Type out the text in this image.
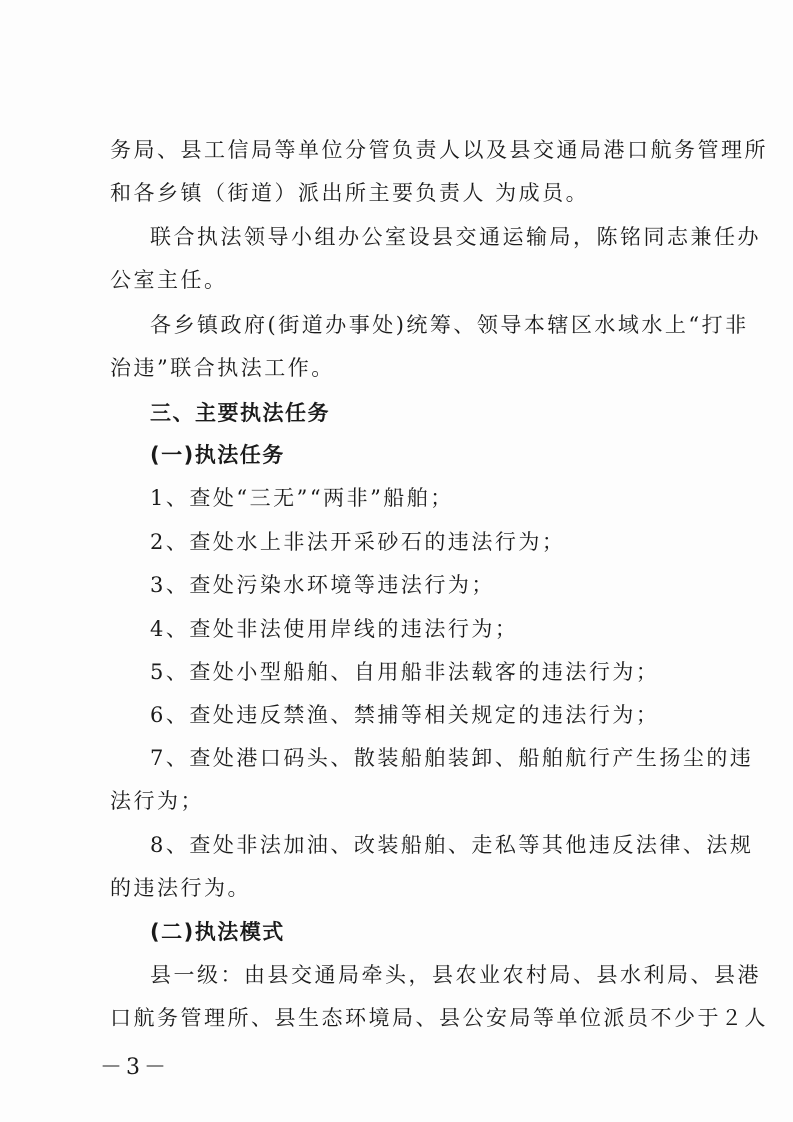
务局、县工信局等单位分管负责人以及县交通局港口航务管理所
和各乡镇（街道）派出所主要负责人 为成员。
联合执法领导小组办公室设县交通运输局，陈铭同志兼任办
公室主任。
各乡镇政府(街道办事处)统筹、领导本辖区水域水上“打非
治违”联合执法工作。
三、主要执法任务
(一)执法任务
1、查处“三无”“两非”船舶；
2、查处水上非法开采砂石的违法行为；
3、查处污染水环境等违法行为；
4、查处非法使用岸线的违法行为；
5、查处小型船舶、自用船非法载客的违法行为；
6、查处违反禁渔、禁捕等相关规定的违法行为；
7、查处港口码头、散装船舶装卸、船舶航行产生扬尘的违
法行为；
8、查处非法加油、改装船舶、走私等其他违反法律、法规
的违法行为。
(二)执法模式
县一级：由县交通局牵头，县农业农村局、县水利局、县港
口航务管理所、县生态环境局、县公安局等单位派员不少于２人
－3－
